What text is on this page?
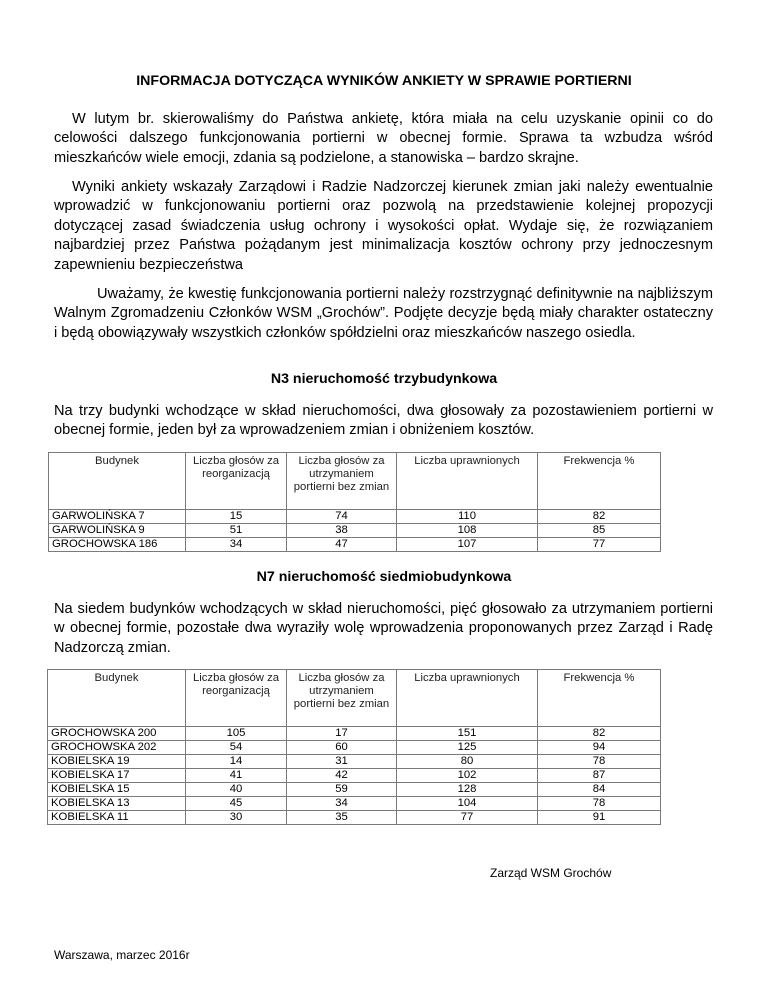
INFORMACJA DOTYCZĄCA WYNIKÓW ANKIETY W SPRAWIE PORTIERNI

W lutym br. skierowaliśmy do Państwa ankietę, która miała na celu uzyskanie opinii co do celowości dalszego funkcjonowania portierni w obecnej formie. Sprawa ta wzbudza wśród mieszkańców wiele emocji, zdania są podzielone, a stanowiska – bardzo skrajne.

Wyniki ankiety wskazały Zarządowi i Radzie Nadzorczej kierunek zmian jaki należy ewentualnie wprowadzić w funkcjonowaniu portierni oraz pozwolą na przedstawienie kolejnej propozycji dotyczącej zasad świadczenia usług ochrony i wysokości opłat. Wydaje się, że rozwiązaniem najbardziej przez Państwa pożądanym jest minimalizacja kosztów ochrony przy jednoczesnym zapewnieniu bezpieczeństwa

Uważamy, że kwestię funkcjonowania portierni należy rozstrzygnąć definitywnie na najbliższym Walnym Zgromadzeniu Członków WSM „Grochów”. Podjęte decyzje będą miały charakter ostateczny i będą obowiązywały wszystkich członków spółdzielni oraz mieszkańców naszego osiedla.

N3 nieruchomość trzybudynkowa

Na trzy budynki wchodzące w skład nieruchomości, dwa głosowały za pozostawieniem portierni w obecnej formie, jeden był za wprowadzeniem zmian i obniżeniem kosztów.

Budynek	Liczba głosów za reorganizacją	Liczba głosów za utrzymaniem portierni bez zmian	Liczba uprawnionych	Frekwencja %
GARWOLIŃSKA 7	15	74	110	82
GARWOLIŃSKA 9	51	38	108	85
GROCHOWSKA 186	34	47	107	77
N7 nieruchomość siedmiobudynkowa

Na siedem budynków wchodzących w skład nieruchomości, pięć głosowało za utrzymaniem portierni w obecnej formie, pozostałe dwa wyraziły wolę wprowadzenia proponowanych przez Zarząd i Radę Nadzorczą zmian.

Budynek	Liczba głosów za reorganizacją	Liczba głosów za utrzymaniem portierni bez zmian	Liczba uprawnionych	Frekwencja %
GROCHOWSKA 200	105	17	151	82
GROCHOWSKA 202	54	60	125	94
KOBIELSKA 19	14	31	80	78
KOBIELSKA 17	41	42	102	87
KOBIELSKA 15	40	59	128	84
KOBIELSKA 13	45	34	104	78
KOBIELSKA 11	30	35	77	91
Zarząd WSM Grochów
Warszawa, marzec 2016r
